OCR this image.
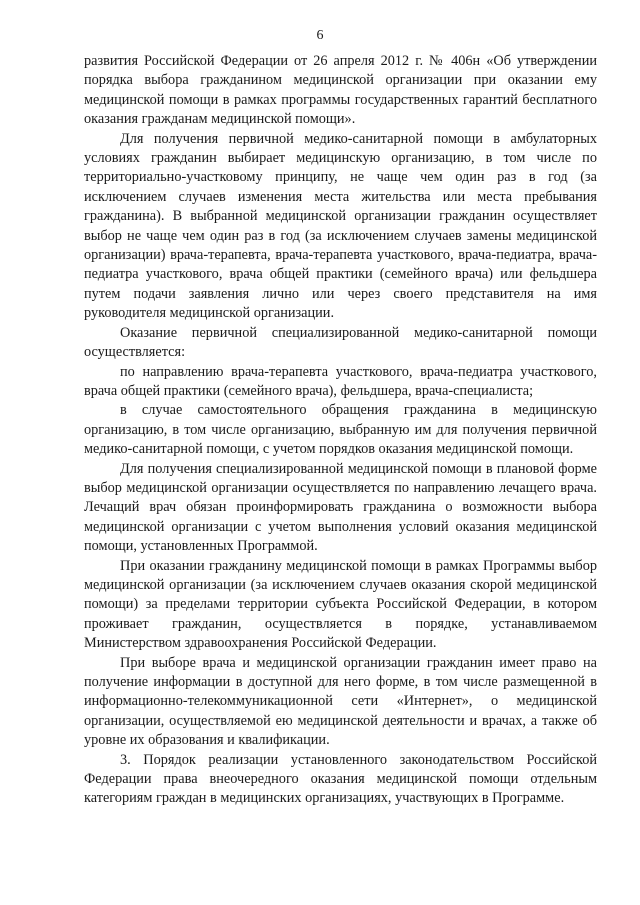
6

развития Российской Федерации от 26 апреля 2012 г. № 406н «Об утверждении порядка выбора гражданином медицинской организации при оказании ему медицинской помощи в рамках программы государственных гарантий бесплатного оказания гражданам медицинской помощи».

Для получения первичной медико-санитарной помощи в амбулаторных условиях гражданин выбирает медицинскую организацию, в том числе по территориально-участковому принципу, не чаще чем один раз в год (за исключением случаев изменения места жительства или места пребывания гражданина). В выбранной медицинской организации гражданин осуществляет выбор не чаще чем один раз в год (за исключением случаев замены медицинской организации) врача-терапевта, врача-терапевта участкового, врача-педиатра, врача-педиатра участкового, врача общей практики (семейного врача) или фельдшера путем подачи заявления лично или через своего представителя на имя руководителя медицинской организации.

Оказание первичной специализированной медико-санитарной помощи осуществляется:

по направлению врача-терапевта участкового, врача-педиатра участкового, врача общей практики (семейного врача), фельдшера, врача-специалиста;

в случае самостоятельного обращения гражданина в медицинскую организацию, в том числе организацию, выбранную им для получения первичной медико-санитарной помощи, с учетом порядков оказания медицинской помощи.

Для получения специализированной медицинской помощи в плановой форме выбор медицинской организации осуществляется по направлению лечащего врача. Лечащий врач обязан проинформировать гражданина о возможности выбора медицинской организации с учетом выполнения условий оказания медицинской помощи, установленных Программой.

При оказании гражданину медицинской помощи в рамках Программы выбор медицинской организации (за исключением случаев оказания скорой медицинской помощи) за пределами территории субъекта Российской Федерации, в котором проживает гражданин, осуществляется в порядке, устанавливаемом Министерством здравоохранения Российской Федерации.

При выборе врача и медицинской организации гражданин имеет право на получение информации в доступной для него форме, в том числе размещенной в информационно-телекоммуникационной сети «Интернет», о медицинской организации, осуществляемой ею медицинской деятельности и врачах, а также об уровне их образования и квалификации.

3. Порядок реализации установленного законодательством Российской Федерации права внеочередного оказания медицинской помощи отдельным категориям граждан в медицинских организациях, участвующих в Программе.
